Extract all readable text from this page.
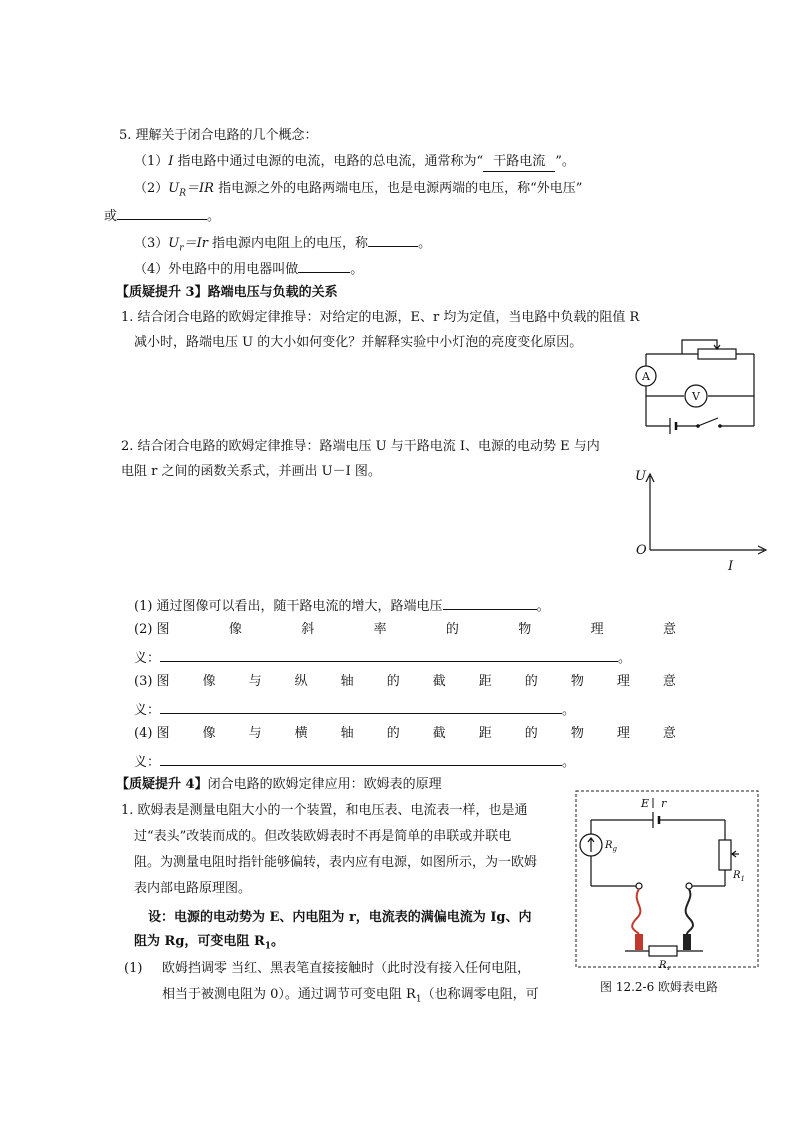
5. 理解关于闭合电路的几个概念：
（1）I 指电路中通过电源的电流，电路的总电流，通常称为“ 干路电流 ”。
$(2)U_R=IR$ 指电源之外的电路两端电压，也是电源两端的电压，称“外电压”
或	。
$(3)U_r=Ir$ 指电源内电阻上的电压，称	。
（4）外电路中的用电器叫做	。
【质疑提升 3】路端电压与负载的关系
1. 结合闭合电路的欧姆定律推导：对给定的电源，E、r 均为定值，当电路中负载的阻值 R
减小时，路端电压 U 的大小如何变化？并解释实验中小灯泡的亮度变化原因。
A
V
2. 结合闭合电路的欧姆定律推导：路端电压 U 与干路电流 I、电源的电动势 E 与内
电阻 r 之间的函数关系式，并画出 U－I 图。	U
O
I
(1) 通过图像可以看出，随干路电流的增大，路端电压	。
(2) 图	像	斜	率	的	物	理	意
义：	。
(3) 图	像	与	纵	轴	的	截	距	的	物	理	意
义：	。
(4) 图	像	与	横	轴	的	截	距	的	物	理	意
义：	。
【质疑提升 4】闭合电路的欧姆定律应用：欧姆表的原理
1. 欧姆表是测量电阻大小的一个装置，和电压表、电流表一样，也是通
过“表头”改装而成的。但改装欧姆表时不再是简单的串联或并联电
阻。为测量电阻时指针能够偏转，表内应有电源，如图所示，为一欧姆
表内部电路原理图。
设：电源的电动势为 E、内电阻为 r，电流表的满偏电流为 Ig、内
阻为 Rg，可变电阻 $R_1$。
(1) 欧姆挡调零 当红、黑表笔直接接触时（此时没有接入任何电阻，
相当于被测电阻为 0）。通过调节可变电阻 $R_1$（也称调零电阻，可
$R_g$
E r
$R_1$
$R_x$
图 12.2-6 欧姆表电路
